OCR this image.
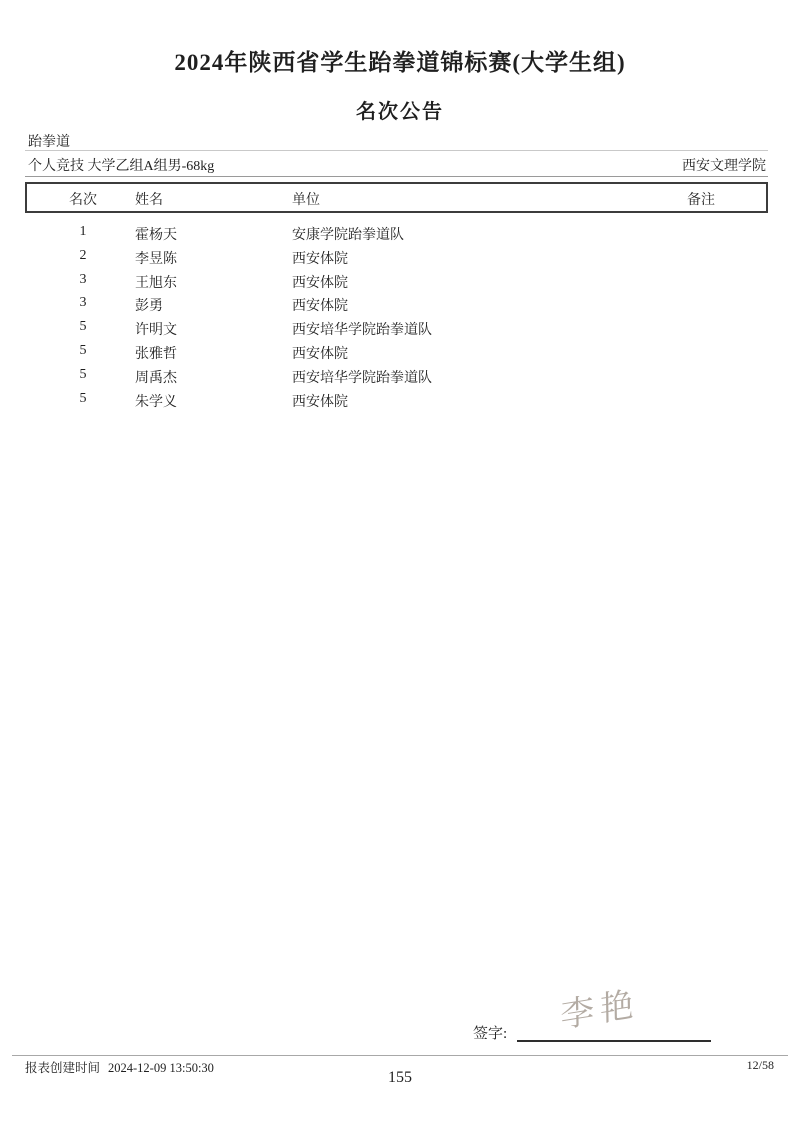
2024年陕西省学生跆拳道锦标赛(大学生组)
名次公告
跆拳道
个人竞技 大学乙组A组男-68kg	西安文理学院
名次	姓名	单位	备注
1	霍杨天	安康学院跆拳道队
2	李昱陈	西安体院
3	王旭东	西安体院
3	彭勇	西安体院
5	许明文	西安培华学院跆拳道队
5	张雅哲	西安体院
5	周禹杰	西安培华学院跆拳道队
5	朱学义	西安体院
李艳
签字:
报表创建时间 2024-12-09 13:50:30	12/58
155
